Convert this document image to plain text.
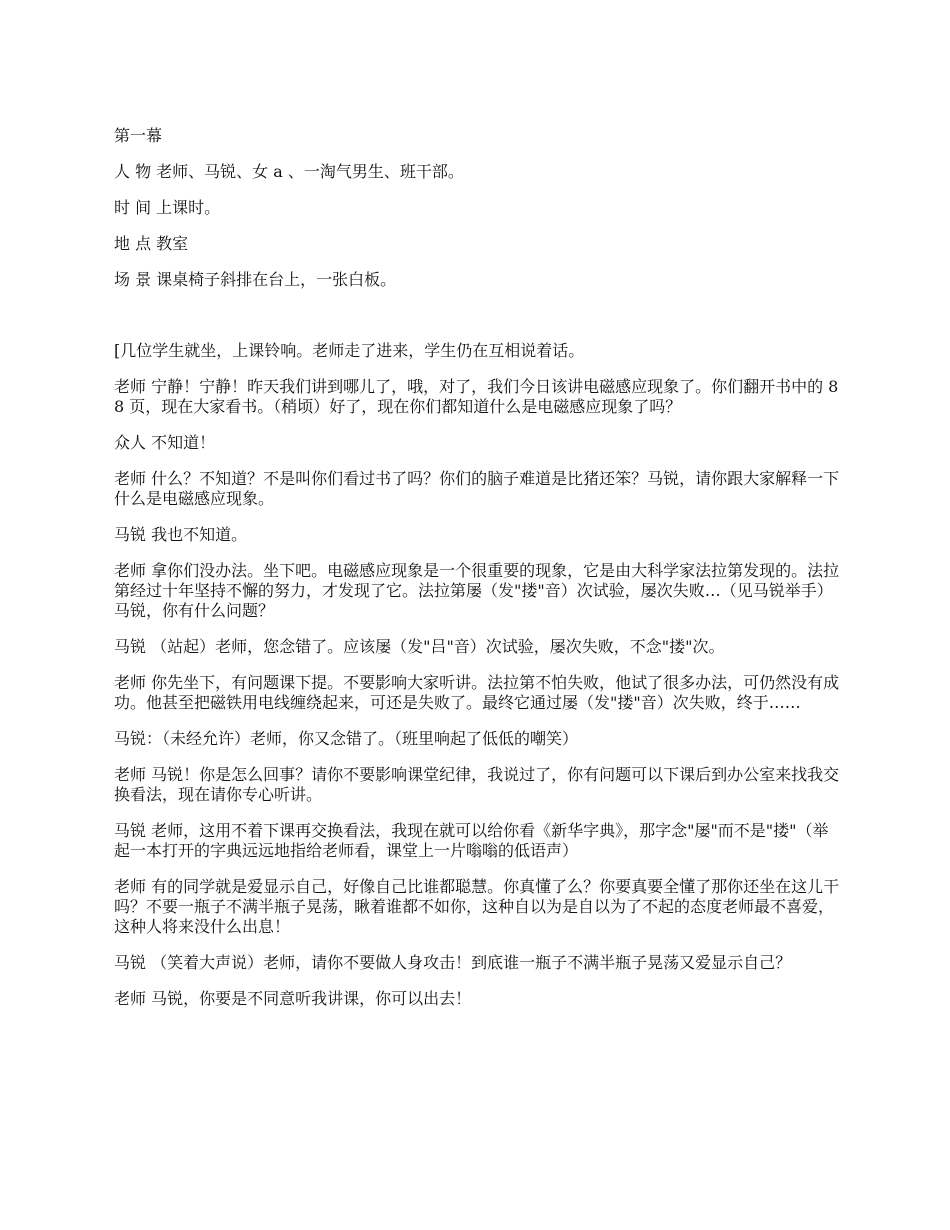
第一幕

人 物 老师、马锐、女 a 、一淘气男生、班干部。

时 间 上课时。

地 点 教室

场 景 课桌椅子斜排在台上，一张白板。

[几位学生就坐，上课铃响。老师走了进来，学生仍在互相说着话。

老师 宁静！宁静！昨天我们讲到哪儿了，哦，对了，我们今日该讲电磁感应现象了。你们翻开书中的 88 页，现在大家看书。（稍顷）好了，现在你们都知道什么是电磁感应现象了吗？

众人 不知道！

老师 什么？不知道？不是叫你们看过书了吗？你们的脑子难道是比猪还笨？马锐，请你跟大家解释一下什么是电磁感应现象。

马锐 我也不知道。

老师 拿你们没办法。坐下吧。电磁感应现象是一个很重要的现象，它是由大科学家法拉第发现的。法拉第经过十年坚持不懈的努力，才发现了它。法拉第屡（发"搂"音）次试验，屡次失败…（见马锐举手）马锐，你有什么问题？

马锐 （站起）老师，您念错了。应该屡（发"吕"音）次试验，屡次失败，不念"搂"次。

老师 你先坐下，有问题课下提。不要影响大家听讲。法拉第不怕失败，他试了很多办法，可仍然没有成功。他甚至把磁铁用电线缠绕起来，可还是失败了。最终它通过屡（发"搂"音）次失败，终于……

马锐：（未经允许）老师，你又念错了。（班里响起了低低的嘲笑）

老师 马锐！你是怎么回事？请你不要影响课堂纪律，我说过了，你有问题可以下课后到办公室来找我交换看法，现在请你专心听讲。

马锐 老师，这用不着下课再交换看法，我现在就可以给你看《新华字典》，那字念"屡"而不是"搂"（举起一本打开的字典远远地指给老师看，课堂上一片嗡嗡的低语声）

老师 有的同学就是爱显示自己，好像自己比谁都聪慧。你真懂了么？你要真要全懂了那你还坐在这儿干吗？不要一瓶子不满半瓶子晃荡，瞅着谁都不如你，这种自以为是自以为了不起的态度老师最不喜爱，这种人将来没什么出息！

马锐 （笑着大声说）老师，请你不要做人身攻击！到底谁一瓶子不满半瓶子晃荡又爱显示自己？

老师 马锐，你要是不同意听我讲课，你可以出去！
